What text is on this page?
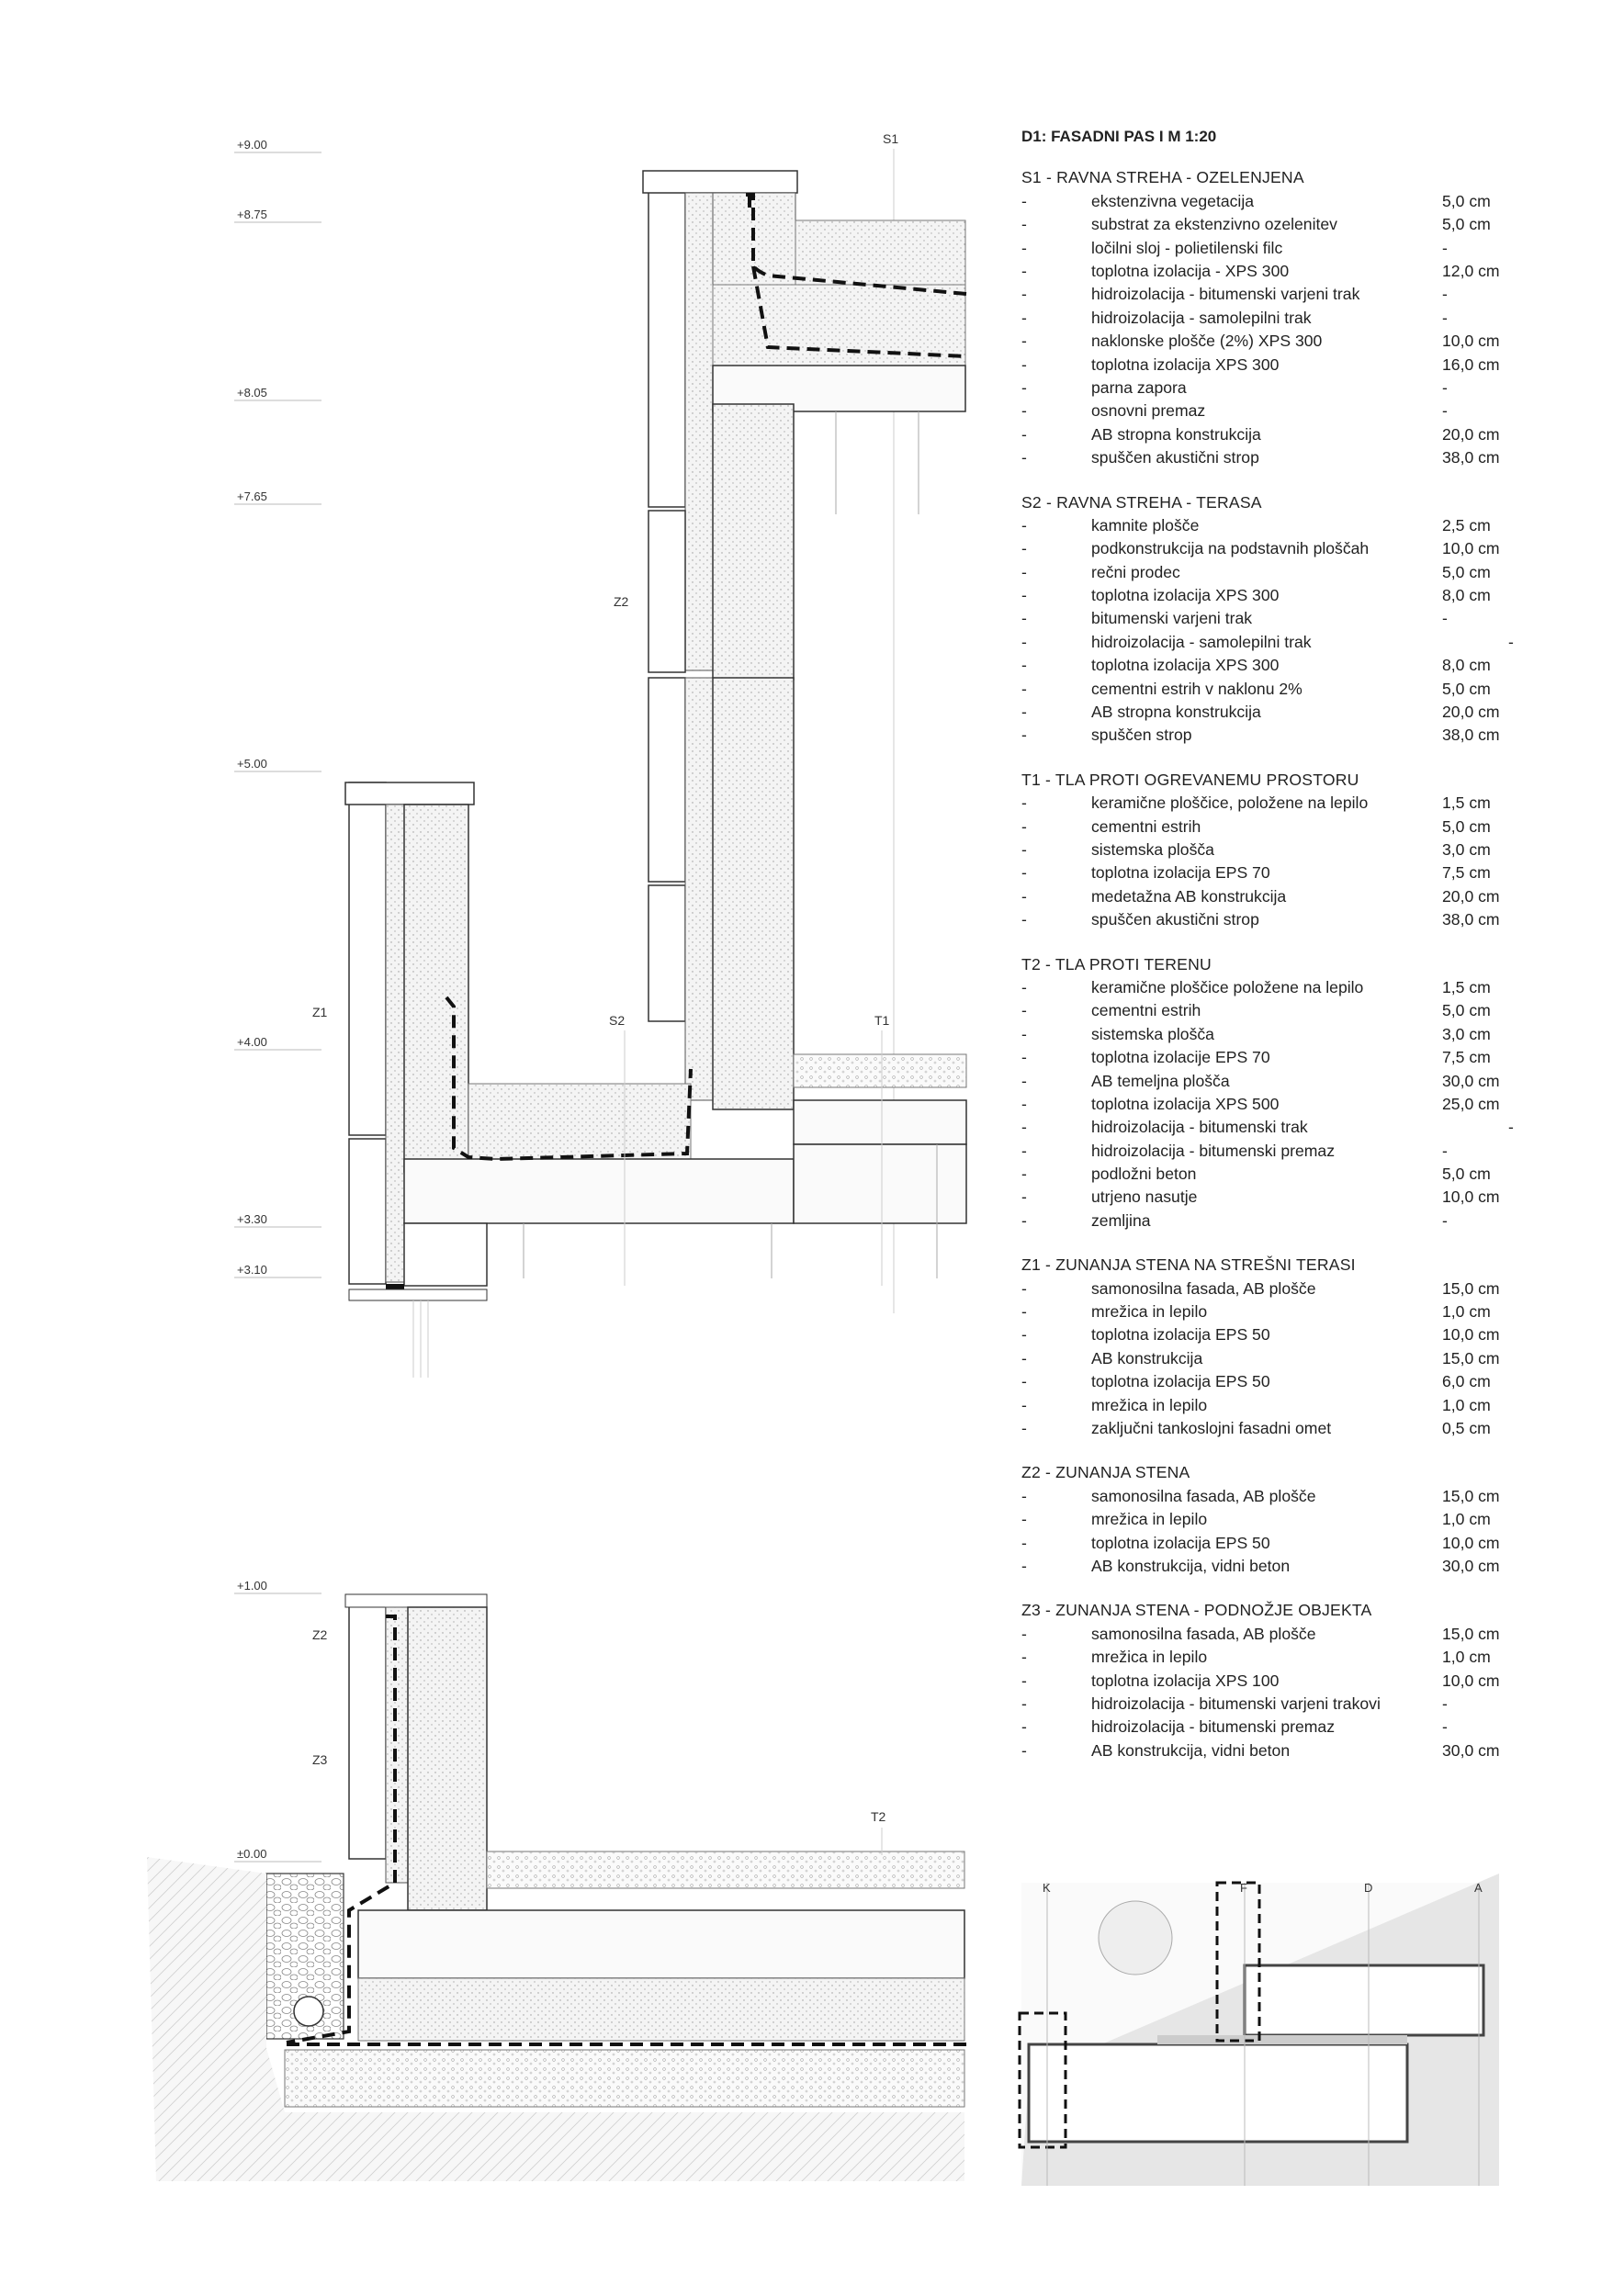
+9.00
+8.75
+8.05
+7.65
+5.00
+4.00
+3.30
+3.10
+1.00
±0.00
S1
Z2
Z1
S2	T1
Z2
Z3
T2
K	F	D	A
D1: FASADNI PAS I M 1:20
S1 - RAVNA STREHA - OZELENJENA
-	ekstenzivna vegetacija	5,0 cm
-	substrat za ekstenzivno ozelenitev	5,0 cm
-	ločilni sloj - polietilenski filc	-
-	toplotna izolacija - XPS 300	12,0 cm
-	hidroizolacija - bitumenski varjeni trak	-
-	hidroizolacija - samolepilni trak	-
-	naklonske plošče (2%) XPS 300	10,0 cm
-	toplotna izolacija XPS 300	16,0 cm
-	parna zapora	-
-	osnovni premaz	-
-	AB stropna konstrukcija	20,0 cm
-	spuščen akustični strop	38,0 cm
S2 - RAVNA STREHA - TERASA
-	kamnite plošče	2,5 cm
-	podkonstrukcija na podstavnih ploščah	10,0 cm
-	rečni prodec	5,0 cm
-	toplotna izolacija XPS 300	8,0 cm
-	bitumenski varjeni trak	-
-	hidroizolacija - samolepilni trak	-
-	toplotna izolacija XPS 300	8,0 cm
-	cementni estrih v naklonu 2%	5,0 cm
-	AB stropna konstrukcija	20,0 cm
-	spuščen strop	38,0 cm
T1 - TLA PROTI OGREVANEMU PROSTORU
-	keramične ploščice, položene na lepilo	1,5 cm
-	cementni estrih	5,0 cm
-	sistemska plošča	3,0 cm
-	toplotna izolacija EPS 70	7,5 cm
-	medetažna AB konstrukcija	20,0 cm
-	spuščen akustični strop	38,0 cm
T2 - TLA PROTI TERENU
-	keramične ploščice položene na lepilo	1,5 cm
-	cementni estrih	5,0 cm
-	sistemska plošča	3,0 cm
-	toplotna izolacije EPS 70	7,5 cm
-	AB temeljna plošča	30,0 cm
-	toplotna izolacija XPS 500	25,0 cm
-	hidroizolacija - bitumenski trak	-
-	hidroizolacija - bitumenski premaz	-
-	podložni beton	5,0 cm
-	utrjeno nasutje	10,0 cm
-	zemljina	-
Z1 - ZUNANJA STENA NA STREŠNI TERASI
-	samonosilna fasada, AB plošče	15,0 cm
-	mrežica in lepilo	1,0 cm
-	toplotna izolacija EPS 50	10,0 cm
-	AB konstrukcija	15,0 cm
-	toplotna izolacija EPS 50	6,0 cm
-	mrežica in lepilo	1,0 cm
-	zaključni tankoslojni fasadni omet	0,5 cm
Z2 - ZUNANJA STENA
-	samonosilna fasada, AB plošče	15,0 cm
-	mrežica in lepilo	1,0 cm
-	toplotna izolacija EPS 50	10,0 cm
-	AB konstrukcija, vidni beton	30,0 cm
Z3 - ZUNANJA STENA - PODNOŽJE OBJEKTA
-	samonosilna fasada, AB plošče	15,0 cm
-	mrežica in lepilo	1,0 cm
-	toplotna izolacija XPS 100	10,0 cm
-	hidroizolacija - bitumenski varjeni trakovi	-
-	hidroizolacija - bitumenski premaz	-
-	AB konstrukcija, vidni beton	30,0 cm
